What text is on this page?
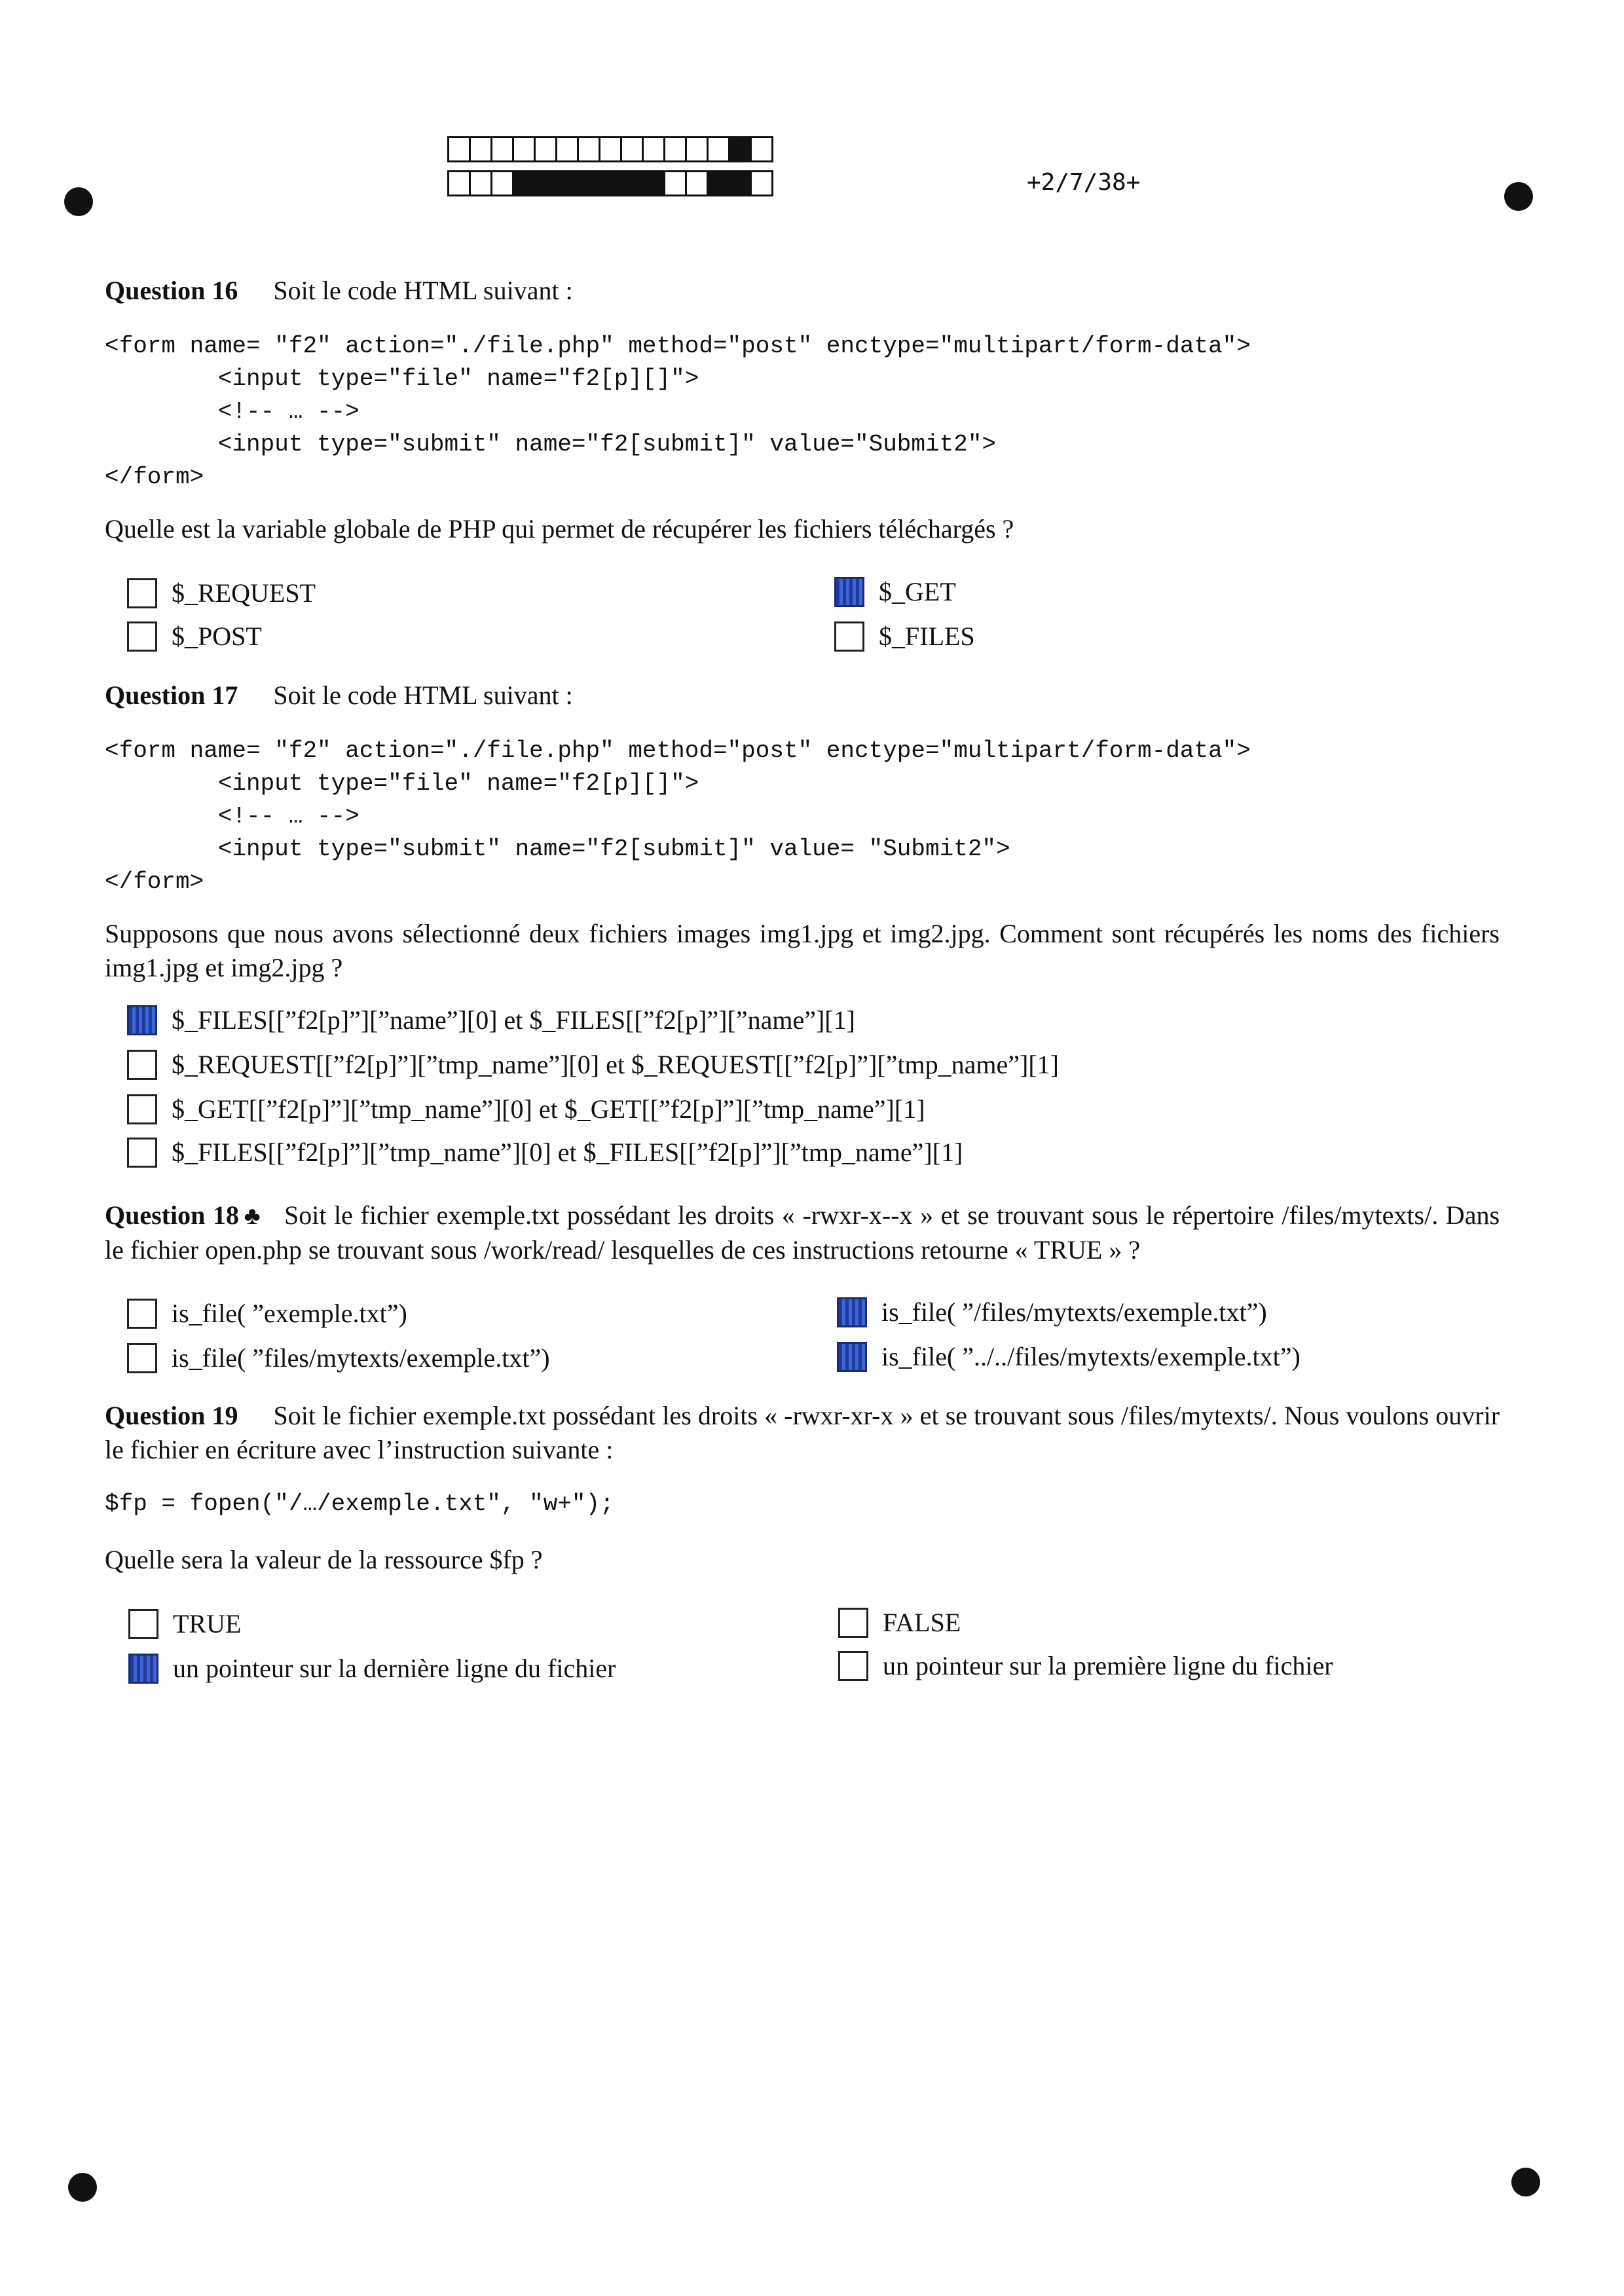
+2/7/38+
Question 16 Soit le code HTML suivant :
<form name= "f2" action="./file.php" method="post" enctype="multipart/form-data">
<input type="file" name="f2[p][]">
<!-- … -->
<input type="submit" name="f2[submit]" value="Submit2">
</form>

Quelle est la variable globale de PHP qui permet de récupérer les fichiers téléchargés ?

$_REQUEST	$_GET
$_POST	$_FILES
Question 17 Soit le code HTML suivant :
<form name= "f2" action="./file.php" method="post" enctype="multipart/form-data">
<input type="file" name="f2[p][]">
<!-- … -->
<input type="submit" name="f2[submit]" value= "Submit2">
</form>

Supposons que nous avons sélectionné deux fichiers images img1.jpg et img2.jpg. Comment sont récupérés les noms des fichiers img1.jpg et img2.jpg ?

$_FILES[[”f2[p]”][”name”][0] et $_FILES[[”f2[p]”][”name”][1]
$_REQUEST[[”f2[p]”][”tmp_name”][0] et $_REQUEST[[”f2[p]”][”tmp_name”][1]
$_GET[[”f2[p]”][”tmp_name”][0] et $_GET[[”f2[p]”][”tmp_name”][1]
$_FILES[[”f2[p]”][”tmp_name”][0] et $_FILES[[”f2[p]”][”tmp_name”][1]

Question 18 ♣ Soit le fichier exemple.txt possédant les droits « -rwxr-x--x » et se trouvant sous le répertoire /files/mytexts/. Dans le fichier open.php se trouvant sous /work/read/ lesquelles de ces instructions retourne « TRUE » ?

is_file( ”exemple.txt”)	is_file( ”/files/mytexts/exemple.txt”)
is_file( ”files/mytexts/exemple.txt”)	is_file( ”../../files/mytexts/exemple.txt”)

Question 19 Soit le fichier exemple.txt possédant les droits « -rwxr-xr-x » et se trouvant sous /files/mytexts/. Nous voulons ouvrir le fichier en écriture avec l’instruction suivante :

$fp = fopen("/…/exemple.txt", "w+");

Quelle sera la valeur de la ressource $fp ?

TRUE	FALSE
un pointeur sur la dernière ligne du fichier	un pointeur sur la première ligne du fichier
